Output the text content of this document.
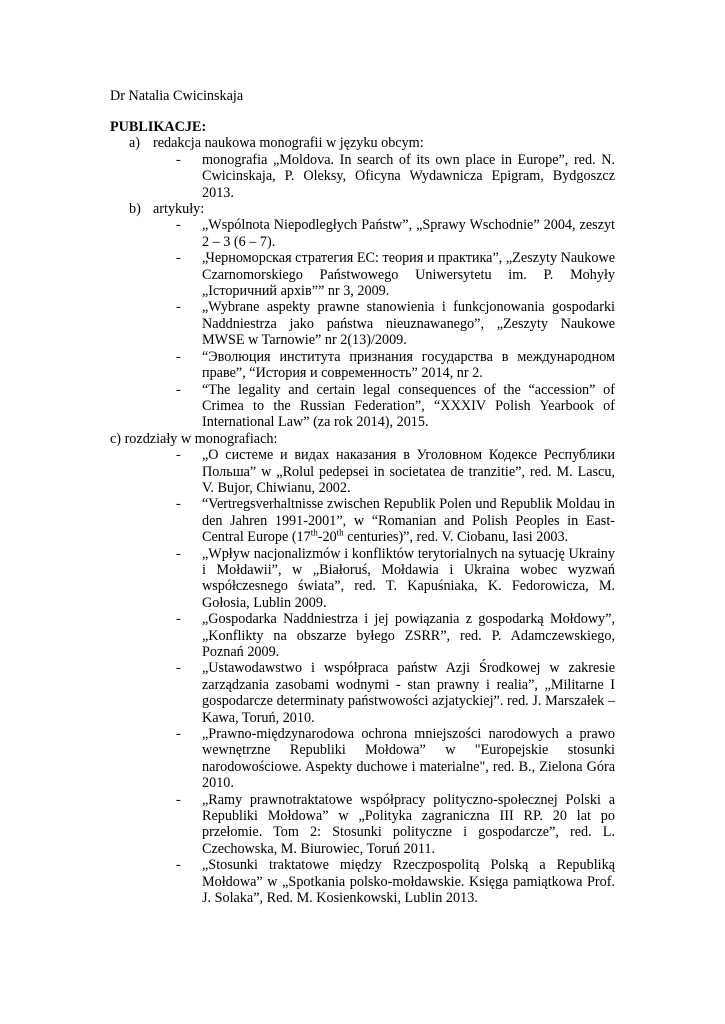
Dr Natalia Cwicinskaja

PUBLIKACJE:

a) redakcja naukowa monografii w języku obcym:

- monografia „Moldova. In search of its own place in Europe”, red. N. Cwicinskaja, P. Oleksy, Oficyna Wydawnicza Epigram, Bydgoszcz 2013.

b) artykuły:

- „Wspólnota Niepodległych Państw”, „Sprawy Wschodnie” 2004, zeszyt 2 – 3 (6 – 7).
- „Черноморская стратегия ЕС: теория и практика”, „Zeszyty Naukowe Czarnomorskiego Państwowego Uniwersytetu im. P. Mohyły „Історичний архів”” nr 3, 2009.
- „Wybrane aspekty prawne stanowienia i funkcjonowania gospodarki Naddniestrza jako państwa nieuznawanego”, „Zeszyty Naukowe MWSE w Tarnowie” nr 2(13)/2009.
- “Эволюция института признания государства в международном праве”, “История и современность” 2014, nr 2.
- “The legality and certain legal consequences of the “accession” of Crimea to the Russian Federation”, “XXXIV Polish Yearbook of International Law” (za rok 2014), 2015.

c) rozdziały w monografiach:

- „О системе и видах наказания в Уголовном Кодексе Республики Польша” w „Rolul pedepsei in societatea de tranzitie”, red. M. Lascu, V. Bujor, Chiwianu, 2002.
- “Vertregsverhaltnisse zwischen Republik Polen und Republik Moldau in den Jahren 1991-2001”, w “Romanian and Polish Peoples in East-Central Europe (17th-20th centuries)”, red. V. Ciobanu, Iasi 2003.
- „Wpływ nacjonalizmów i konfliktów terytorialnych na sytuację Ukrainy i Mołdawii”, w „Białoruś, Mołdawia i Ukraina wobec wyzwań współczesnego świata”, red. T. Kapuśniaka, K. Fedorowicza, M. Gołosia, Lublin 2009.
- „Gospodarka Naddniestrza i jej powiązania z gospodarką Mołdowy”, „Konflikty na obszarze byłego ZSRR”, red. P. Adamczewskiego, Poznań 2009.
- „Ustawodawstwo i współpraca państw Azji Środkowej w zakresie zarządzania zasobami wodnymi - stan prawny i realia”, „Militarne I gospodarcze determinaty państwowości azjatyckiej”. red. J. Marszałek – Kawa, Toruń, 2010.
- „Prawno-międzynarodowa ochrona mniejszości narodowych a prawo wewnętrzne Republiki Mołdowa” w "Europejskie stosunki narodowościowe. Aspekty duchowe i materialne", red. B., Zielona Góra 2010.
- „Ramy prawnotraktatowe współpracy polityczno-społecznej Polski a Republiki Mołdowa” w „Polityka zagraniczna III RP. 20 lat po przełomie. Tom 2: Stosunki polityczne i gospodarcze”, red. L. Czechowska, M. Biurowiec, Toruń 2011.
- „Stosunki traktatowe między Rzeczpospolitą Polską a Republiką Mołdowa” w „Spotkania polsko-mołdawskie. Księga pamiątkowa Prof. J. Solaka”, Red. M. Kosienkowski, Lublin 2013.
